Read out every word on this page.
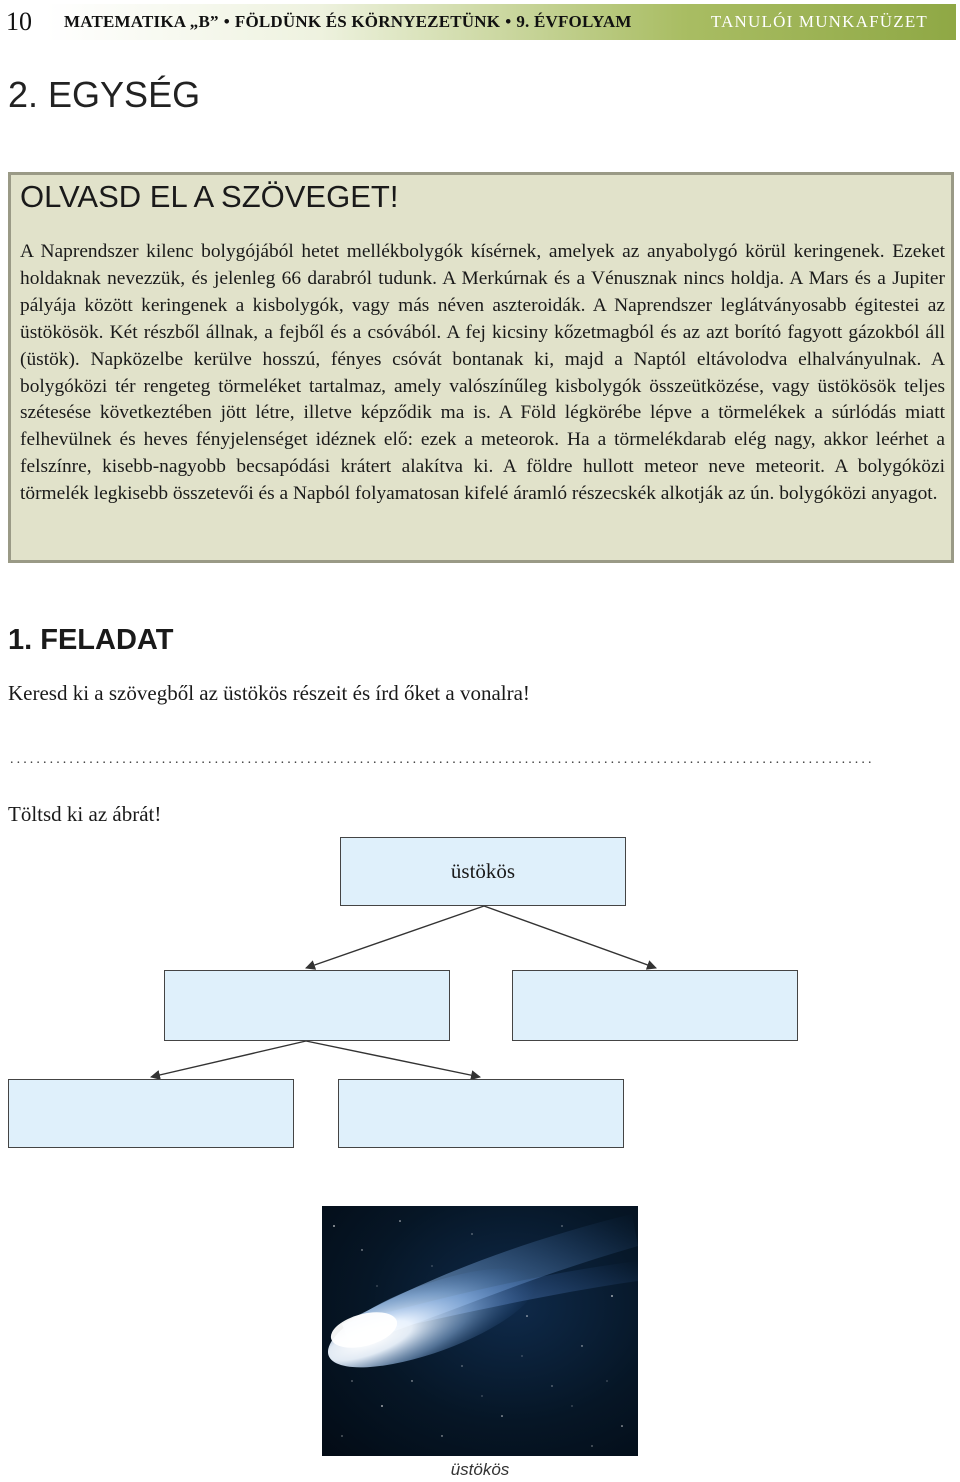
10	MATEMATIKA „B” • FÖLDÜNK ÉS KÖRNYEZETÜNK • 9. ÉVFOLYAM	TANULÓI MUNKAFÜZET
2. EGYSÉG
OLVASD EL A SZÖVEGET!
A Naprendszer kilenc bolygójából hetet mellékbolygók kísérnek, amelyek az anyabolygó körül keringenek. Ezeket holdaknak nevezzük, és jelenleg 66 darabról tudunk. A Merkúrnak és a Vénusznak nincs holdja. A Mars és a Jupiter pályája között keringenek a kisbolygók, vagy más néven aszteroidák. A Naprendszer leglátványosabb égitestei az üstökösök. Két részből állnak, a fejből és a csóvából. A fej kicsiny kőzetmagból és az azt borító fagyott gázokból áll (üstök). Napközelbe kerülve hosszú, fényes csóvát bontanak ki, majd a Naptól eltávolodva elhalványulnak. A bolygóközi tér rengeteg törmeléket tartalmaz, amely valószínűleg kisbolygók összeütközése, vagy üstökösök teljes szétesése következtében jött létre, illetve képződik ma is. A Föld légkörébe lépve a törmelékek a súrlódás miatt felhevülnek és heves fényjelenséget idéznek elő: ezek a meteorok. Ha a törmelékdarab elég nagy, akkor leérhet a felszínre, kisebb-nagyobb becsapódási krátert alakítva ki. A földre hullott meteor neve meteorit. A bolygóközi törmelék legkisebb összetevői és a Napból folyamatosan kifelé áramló részecskék alkotják az ún. bolygóközi anyagot.
1. FELADAT
Keresd ki a szövegből az üstökös részeit és írd őket a vonalra!
...................................................................................................................................
Töltsd ki az ábrát!
üstökös
üstökös
